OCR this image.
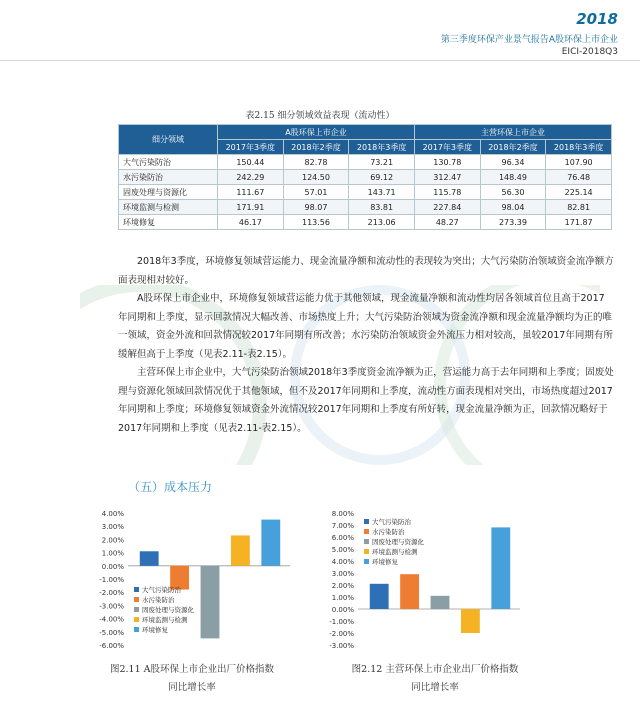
2018
第三季度环保产业景气报告A股环保上市企业
EICI-2018Q3
表2.15 细分领域效益表现（流动性）
细分领域	A股环保上市企业			主营环保上市企业		
	2017年3季度	2018年2季度	2018年3季度	2017年3季度	2018年2季度	2018年3季度
大气污染防治	150.44	82.78	73.21	130.78	96.34	107.90
水污染防治	242.29	124.50	69.12	312.47	148.49	76.48
固废处理与资源化	111.67	57.01	143.71	115.78	56.30	225.14
环境监测与检测	171.91	98.07	83.81	227.84	98.04	82.81
环境修复	46.17	113.56	213.06	48.27	273.39	171.87
2018年3季度，环境修复领域营运能力、现金流量净额和流动性的表现较为突出；大气污染防治领域资金流净额方面表现相对较好。
A股环保上市企业中，环境修复领域营运能力优于其他领域，现金流量净额和流动性均居各领域首位且高于2017年同期和上季度，显示回款情况大幅改善、市场热度上升；大气污染防治领域为资金流净额和现金流量净额均为正的唯一领域，资金外流和回款情况较2017年同期有所改善；水污染防治领域资金外流压力相对较高，虽较2017年同期有所缓解但高于上季度（见表2.11-表2.15）。
主营环保上市企业中，大气污染防治领域2018年3季度资金流净额为正，营运能力高于去年同期和上季度；固废处理与资源化领域回款情况优于其他领域，但不及2017年同期和上季度，流动性方面表现相对突出，市场热度超过2017年同期和上季度；环境修复领域资金外流情况较2017年同期和上季度有所好转，现金流量净额为正，回款情况略好于2017年同期和上季度（见表2.11-表2.15）。
（五）成本压力
4.00%
3.00%
2.00%
1.00%
0.00%
-1.00%
-2.00%
-3.00%
-4.00%
-5.00%
-6.00%
大气污染防治
水污染防治
固废处理与资源化
环境监测与检测
环境修复
图2.11 A股环保上市企业出厂价格指数
同比增长率
8.00%
7.00%
6.00%
5.00%
4.00%
3.00%
2.00%
1.00%
0.00%
-1.00%
-2.00%
-3.00%
大气污染防治
水污染防治
固废处理与资源化
环境监测与检测
环境修复
图2.12 主营环保上市企业出厂价格指数
同比增长率
